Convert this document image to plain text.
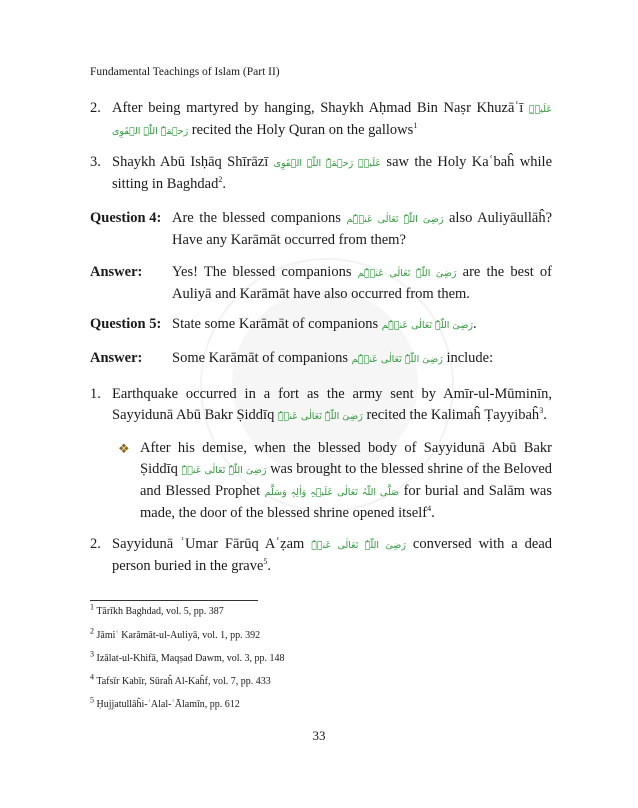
Fundamental Teachings of Islam (Part II)
2. After being martyred by hanging, Shaykh Aḥmad Bin Naṣr Khuzāʿī عَلَیۡہِ رَحۡمَۃُ اللّٰہِ الۡقَوِی recited the Holy Quran on the gallows$^1$
3. Shaykh Abū Isḥāq Shīrāzī عَلَیۡہِ رَحۡمَۃُ اللّٰہِ الۡقَوِی saw the Holy Kaʿbaĥ while sitting in Baghdad$^2$.
Question 4: Are the blessed companions رَضِیَ اللّٰہُ تَعَالٰی عَنۡہُم also Auliyāullāĥ? Have any Karāmāt occurred from them?
Answer: Yes! The blessed companions رَضِیَ اللّٰہُ تَعَالٰی عَنۡہُم are the best of Auliyā and Karāmāt have also occurred from them.
Question 5: State some Karāmāt of companions رَضِیَ اللّٰہُ تَعَالٰی عَنۡہُم.
Answer: Some Karāmāt of companions رَضِیَ اللّٰہُ تَعَالٰی عَنۡہُم include:
1. Earthquake occurred in a fort as the army sent by Amīr-ul-Mūminīn, Sayyidunā Abū Bakr Ṣiddīq رَضِیَ اللّٰہُ تَعَالٰی عَنۡہُ recited the Kalimaĥ Ṭayyibaĥ$^3$.
❖ After his demise, when the blessed body of Sayyidunā Abū Bakr Ṣiddīq رَضِیَ اللّٰہُ تَعَالٰی عَنۡہُ was brought to the blessed shrine of the Beloved and Blessed Prophet صَلَّی اللّٰہُ تَعَالٰی عَلَیۡہِ وَاٰلِہٖ وَسَلَّم for burial and Salām was made, the door of the blessed shrine opened itself$^4$.
2. Sayyidunā ʿUmar Fārūq Aʿẓam رَضِیَ اللّٰہُ تَعَالٰی عَنۡہُ conversed with a dead person buried in the grave$^5$.
$^1$ Tārīkh Baghdad, vol. 5, pp. 387
$^2$ Jāmiʿ Karāmāt-ul-Auliyā, vol. 1, pp. 392
$^3$ Izālat-ul-Khifā, Maqṣad Dawm, vol. 3, pp. 148
$^4$ Tafsīr Kabīr, Sūraĥ Al-Kaĥf, vol. 7, pp. 433
$^5$ Ḥujjatullāĥi-ʿAlal-ʿĀlamīn, pp. 612
33
